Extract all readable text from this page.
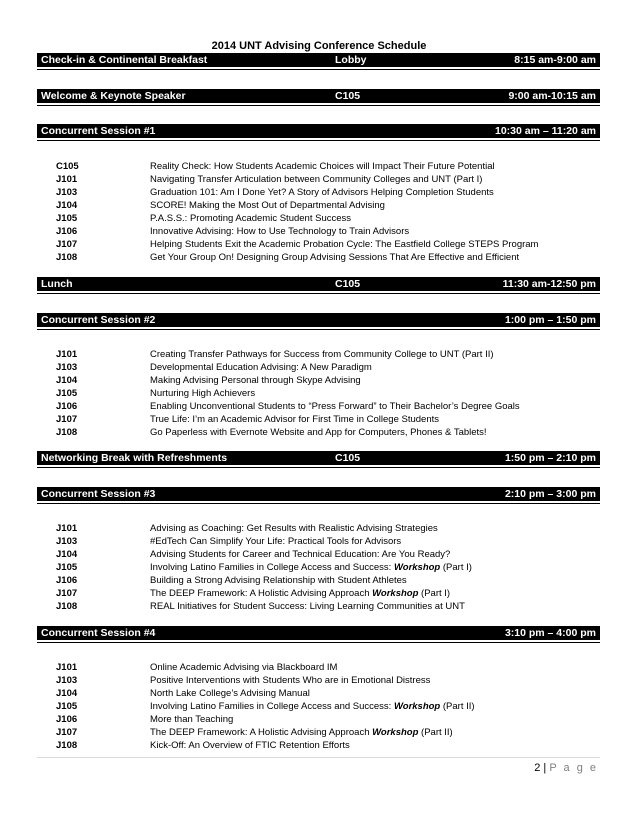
2014 UNT Advising Conference Schedule
Check-in & Continental Breakfast	Lobby	8:15 am-9:00 am
Welcome & Keynote Speaker	C105	9:00 am-10:15 am
Concurrent Session #1	10:30 am – 11:20 am
C105	Reality Check: How Students Academic Choices will Impact Their Future Potential
J101	Navigating Transfer Articulation between Community Colleges and UNT (Part I)
J103	Graduation 101: Am I Done Yet? A Story of Advisors Helping Completion Students
J104	SCORE! Making the Most Out of Departmental Advising
J105	P.A.S.S.: Promoting Academic Student Success
J106	Innovative Advising: How to Use Technology to Train Advisors
J107	Helping Students Exit the Academic Probation Cycle: The Eastfield College STEPS Program
J108	Get Your Group On! Designing Group Advising Sessions That Are Effective and Efficient
Lunch	C105	11:30 am-12:50 pm
Concurrent Session #2	1:00 pm – 1:50 pm
J101	Creating Transfer Pathways for Success from Community College to UNT (Part II)
J103	Developmental Education Advising: A New Paradigm
J104	Making Advising Personal through Skype Advising
J105	Nurturing High Achievers
J106	Enabling Unconventional Students to “Press Forward” to Their Bachelor’s Degree Goals
J107	True Life: I’m an Academic Advisor for First Time in College Students
J108	Go Paperless with Evernote Website and App for Computers, Phones & Tablets!
Networking Break with Refreshments	C105	1:50 pm – 2:10 pm
Concurrent Session #3	2:10 pm – 3:00 pm
J101	Advising as Coaching: Get Results with Realistic Advising Strategies
J103	#EdTech Can Simplify Your Life: Practical Tools for Advisors
J104	Advising Students for Career and Technical Education: Are You Ready?
J105	Involving Latino Families in College Access and Success: Workshop (Part I)
J106	Building a Strong Advising Relationship with Student Athletes
J107	The DEEP Framework: A Holistic Advising Approach Workshop (Part I)
J108	REAL Initiatives for Student Success: Living Learning Communities at UNT
Concurrent Session #4	3:10 pm – 4:00 pm
J101	Online Academic Advising via Blackboard IM
J103	Positive Interventions with Students Who are in Emotional Distress
J104	North Lake College’s Advising Manual
J105	Involving Latino Families in College Access and Success: Workshop (Part II)
J106	More than Teaching
J107	The DEEP Framework: A Holistic Advising Approach Workshop (Part II)
J108	Kick-Off: An Overview of FTIC Retention Efforts
2 | P a g e
